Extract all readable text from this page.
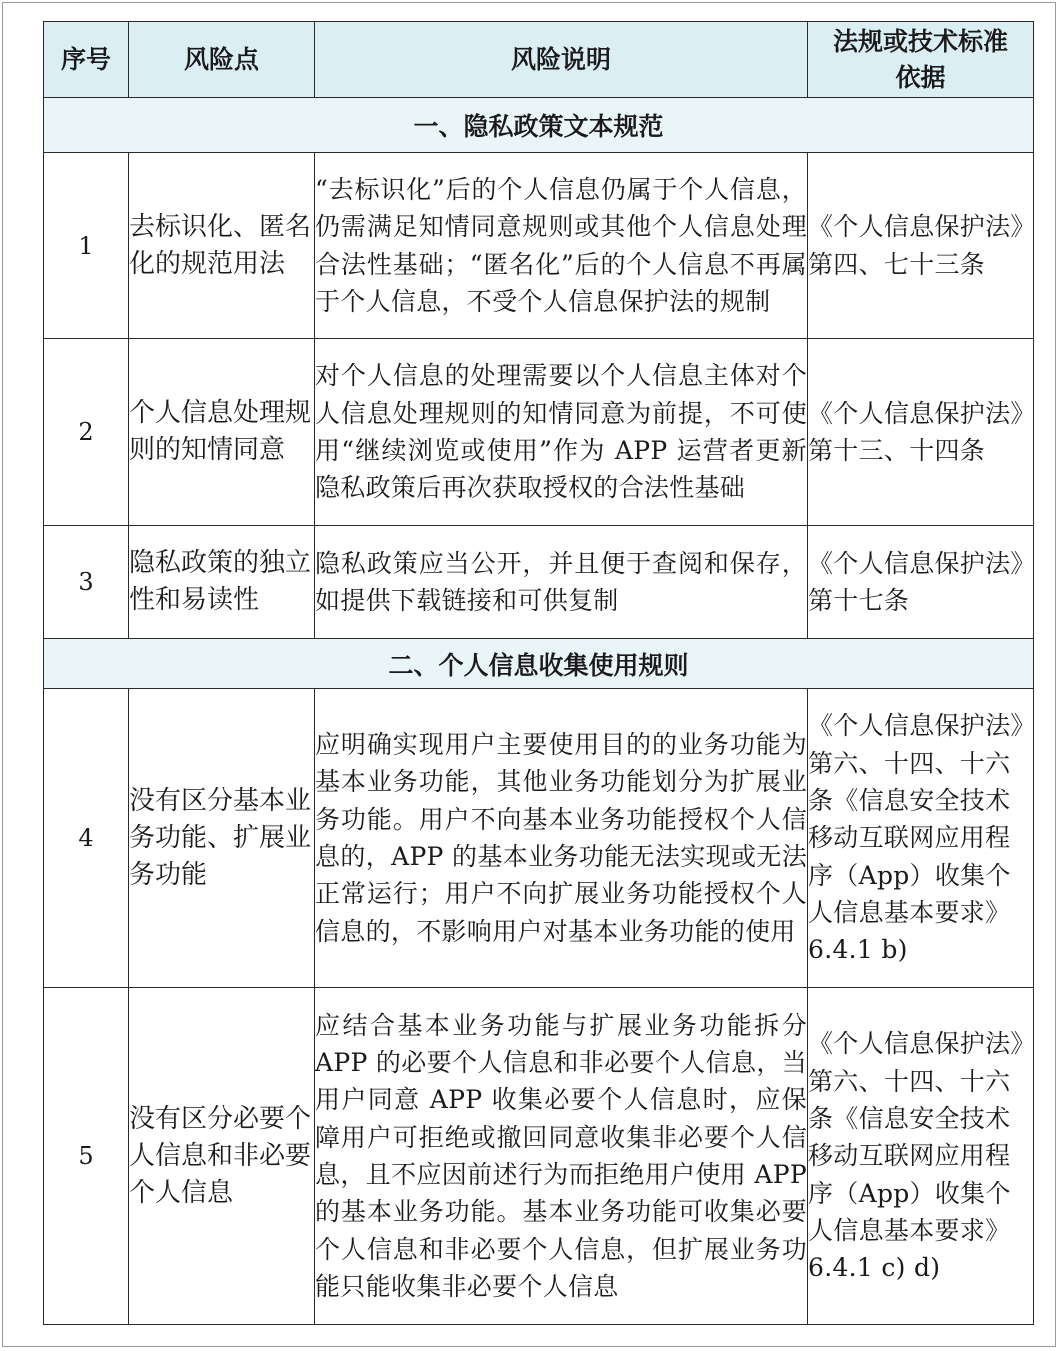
序号	风险点	风险说明	法规或技术标准依据
一、隐私政策文本规范			
1	去标识化、匿名化的规范用法	“去标识化”后的个人信息仍属于个人信息，仍需满足知情同意规则或其他个人信息处理合法性基础；“匿名化”后的个人信息不再属于个人信息，不受个人信息保护法的规制	《个人信息保护法》第四、七十三条
2	个人信息处理规则的知情同意	对个人信息的处理需要以个人信息主体对个人信息处理规则的知情同意为前提，不可使用“继续浏览或使用”作为 APP 运营者更新隐私政策后再次获取授权的合法性基础	《个人信息保护法》第十三、十四条
3	隐私政策的独立性和易读性	隐私政策应当公开，并且便于查阅和保存，如提供下载链接和可供复制	《个人信息保护法》第十七条
二、个人信息收集使用规则			
4	没有区分基本业务功能、扩展业务功能	应明确实现用户主要使用目的的业务功能为基本业务功能，其他业务功能划分为扩展业务功能。用户不向基本业务功能授权个人信息的，APP 的基本业务功能无法实现或无法正常运行；用户不向扩展业务功能授权个人信息的，不影响用户对基本业务功能的使用	《个人信息保护法》第六、十四、十六条《信息安全技术 移动互联网应用程序（App）收集个人信息基本要求》6.4.1 b)
5	没有区分必要个人信息和非必要个人信息	应结合基本业务功能与扩展业务功能拆分 APP 的必要个人信息和非必要个人信息，当用户同意 APP 收集必要个人信息时，应保障用户可拒绝或撤回同意收集非必要个人信息，且不应因前述行为而拒绝用户使用 APP 的基本业务功能。基本业务功能可收集必要个人信息和非必要个人信息，但扩展业务功能只能收集非必要个人信息	《个人信息保护法》第六、十四、十六条《信息安全技术 移动互联网应用程序（App）收集个人信息基本要求》6.4.1 c) d)
